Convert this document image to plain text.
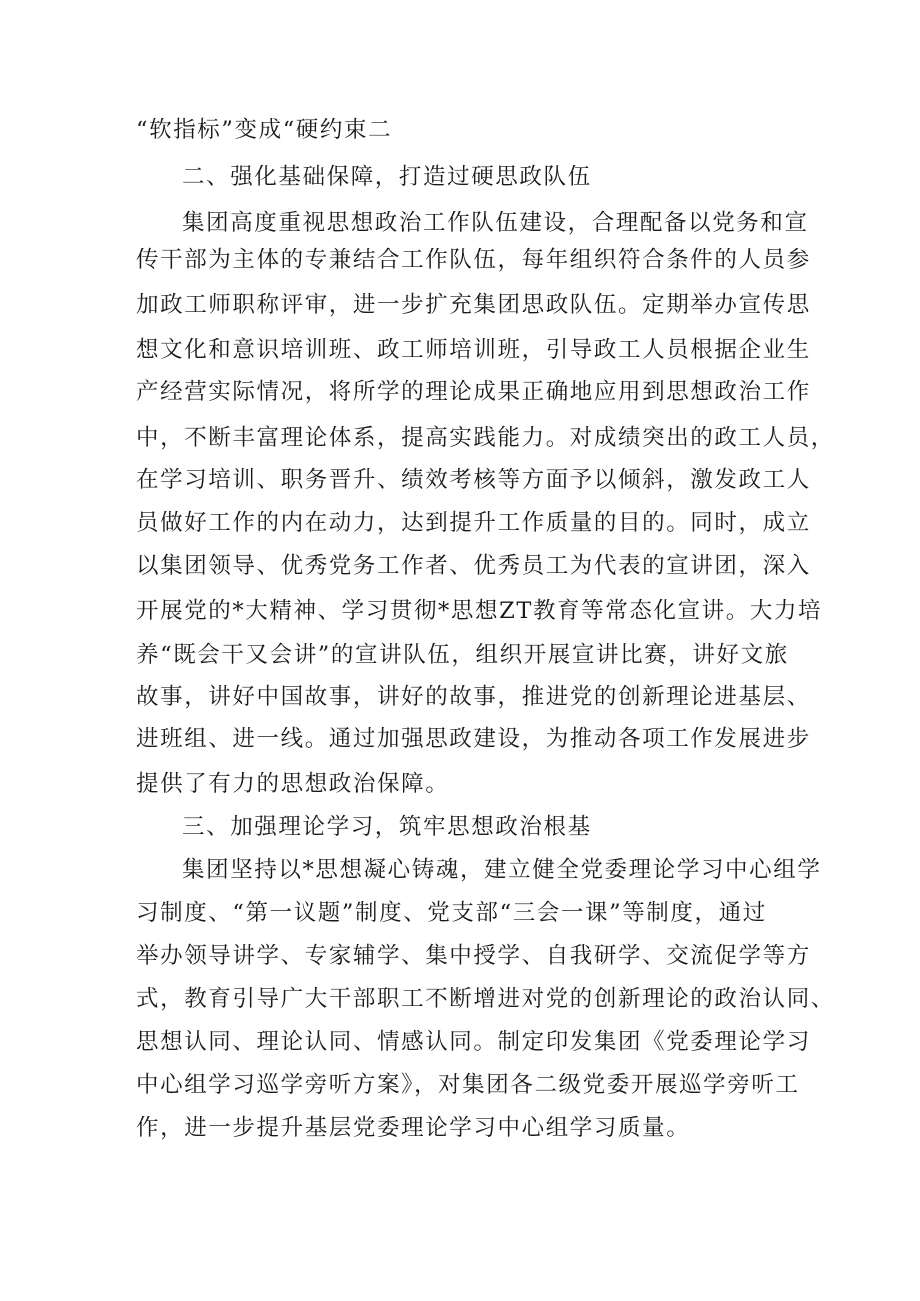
“软指标”变成“硬约束二
二、强化基础保障，打造过硬思政队伍
集团高度重视思想政治工作队伍建设，合理配备以党务和宣
传干部为主体的专兼结合工作队伍，每年组织符合条件的人员参
加政工师职称评审，进一步扩充集团思政队伍。定期举办宣传思
想文化和意识培训班、政工师培训班，引导政工人员根据企业生
产经营实际情况，将所学的理论成果正确地应用到思想政治工作
中，不断丰富理论体系，提高实践能力。对成绩突出的政工人员，
在学习培训、职务晋升、绩效考核等方面予以倾斜，激发政工人
员做好工作的内在动力，达到提升工作质量的目的。同时，成立
以集团领导、优秀党务工作者、优秀员工为代表的宣讲团，深入
开展党的*大精神、学习贯彻*思想ZT教育等常态化宣讲。大力培
养“既会干又会讲”的宣讲队伍，组织开展宣讲比赛，讲好文旅
故事，讲好中国故事，讲好的故事，推进党的创新理论进基层、
进班组、进一线。通过加强思政建设，为推动各项工作发展进步
提供了有力的思想政治保障。
三、加强理论学习，筑牢思想政治根基
集团坚持以*思想凝心铸魂，建立健全党委理论学习中心组学
习制度、“第一议题”制度、党支部“三会一课”等制度，通过
举办领导讲学、专家辅学、集中授学、自我研学、交流促学等方
式，教育引导广大干部职工不断增进对党的创新理论的政治认同、
思想认同、理论认同、情感认同。制定印发集团《党委理论学习
中心组学习巡学旁听方案》，对集团各二级党委开展巡学旁听工
作，进一步提升基层党委理论学习中心组学习质量。
